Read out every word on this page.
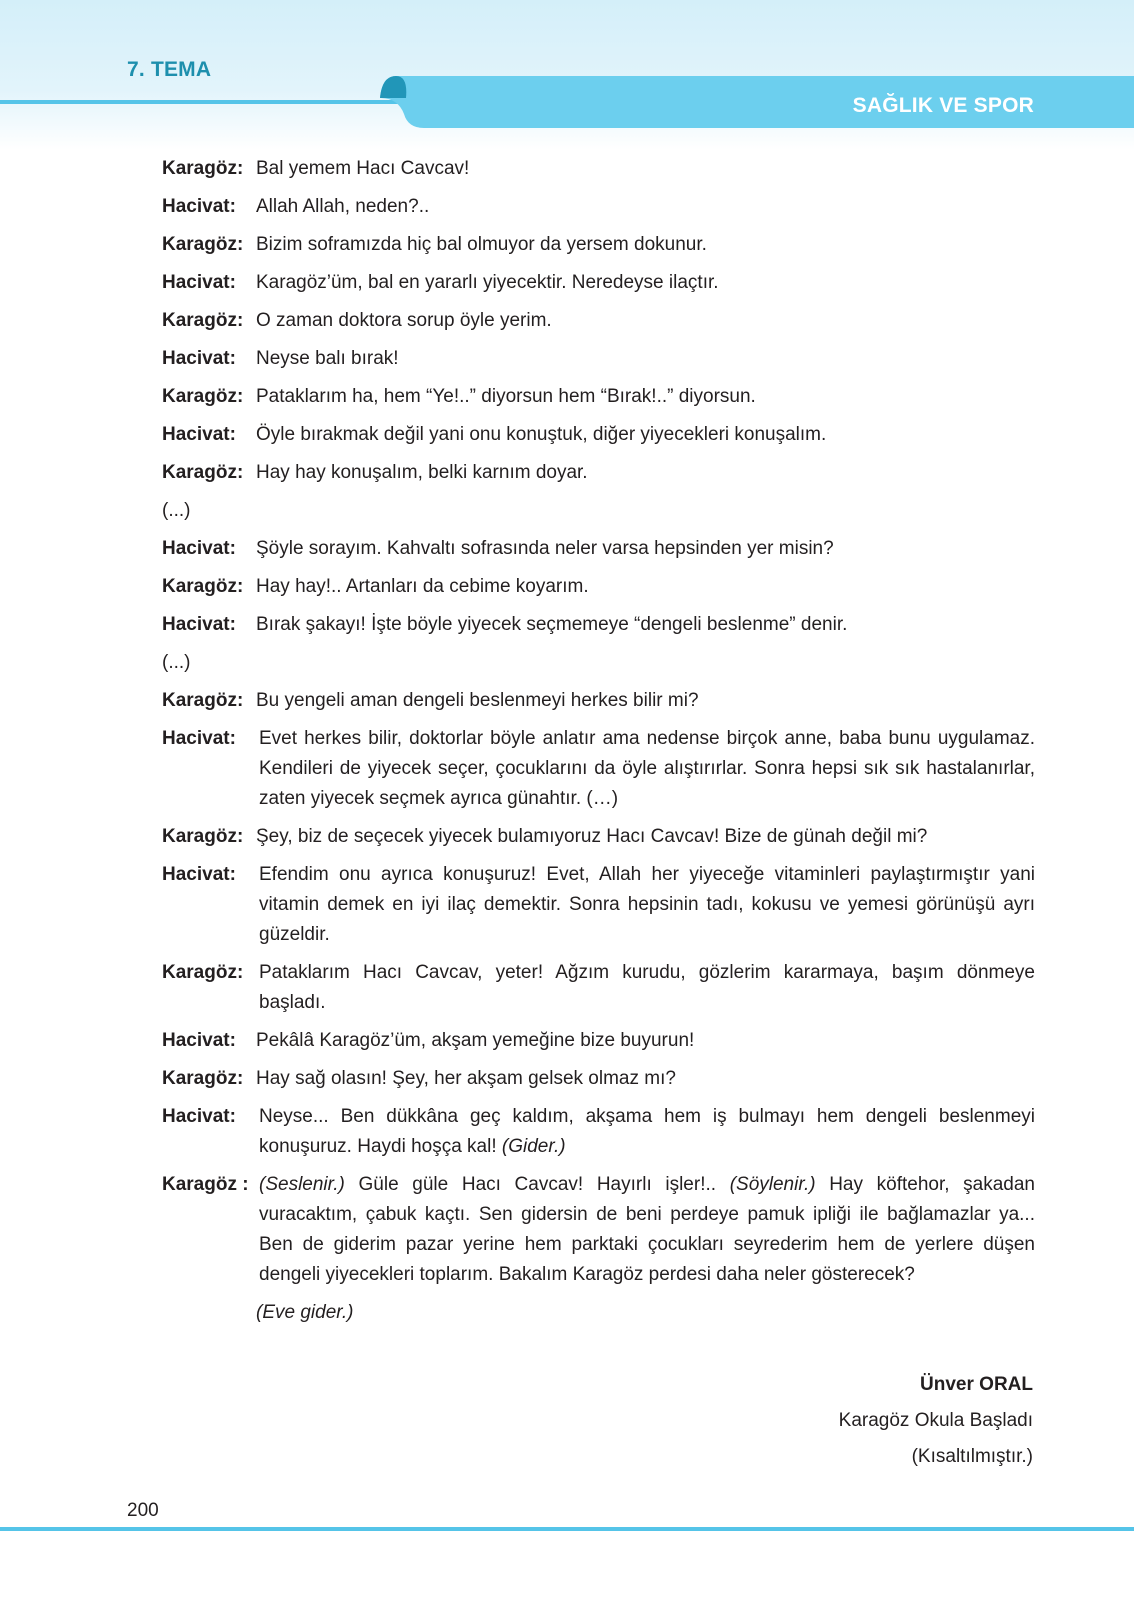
7. TEMA
SAĞLIK VE SPOR
Karagöz: Bal yemem Hacı Cavcav!
Hacivat:	Allah Allah, neden?..
Karagöz: Bizim soframızda hiç bal olmuyor da yersem dokunur.
Hacivat:	Karagöz’üm, bal en yararlı yiyecektir. Neredeyse ilaçtır.
Karagöz: O zaman doktora sorup öyle yerim.
Hacivat:	Neyse balı bırak!
Karagöz: Pataklarım ha, hem “Ye!..” diyorsun hem “Bırak!..” diyorsun.
Hacivat:	Öyle bırakmak değil yani onu konuştuk, diğer yiyecekleri konuşalım.
Karagöz: Hay hay konuşalım, belki karnım doyar.
(...)
Hacivat:	Şöyle sorayım. Kahvaltı sofrasında neler varsa hepsinden yer misin?
Karagöz: Hay hay!.. Artanları da cebime koyarım.
Hacivat:	Bırak şakayı! İşte böyle yiyecek seçmemeye “dengeli beslenme” denir.
(...)
Karagöz: Bu yengeli aman dengeli beslenmeyi herkes bilir mi?
Hacivat:	Evet herkes bilir, doktorlar böyle anlatır ama nedense birçok anne, baba bunu uygulamaz. Kendileri de yiyecek seçer, çocuklarını da öyle alıştırırlar. Sonra hepsi sık sık hastalanırlar, zaten yiyecek seçmek ayrıca günahtır. (…)
Karagöz: Şey, biz de seçecek yiyecek bulamıyoruz Hacı Cavcav! Bize de günah değil mi?
Hacivat:	Efendim onu ayrıca konuşuruz! Evet, Allah her yiyeceğe vitaminleri paylaştırmıştır yani vitamin demek en iyi ilaç demektir. Sonra hepsinin tadı, kokusu ve yemesi görünüşü ayrı güzeldir.
Karagöz: Pataklarım Hacı Cavcav, yeter! Ağzım kurudu, gözlerim kararmaya, başım dönmeye başladı.
Hacivat:	Pekâlâ Karagöz’üm, akşam yemeğine bize buyurun!
Karagöz: Hay sağ olasın! Şey, her akşam gelsek olmaz mı?
Hacivat:	Neyse... Ben dükkâna geç kaldım, akşama hem iş bulmayı hem dengeli beslenmeyi konuşuruz. Haydi hoşça kal! (Gider.)
Karagöz : (Seslenir.) Güle güle Hacı Cavcav! Hayırlı işler!.. (Söylenir.) Hay köftehor, şakadan vuracaktım, çabuk kaçtı. Sen gidersin de beni perdeye pamuk ipliği ile bağlamazlar ya... Ben de giderim pazar yerine hem parktaki çocukları seyrederim hem de yerlere düşen dengeli yiyecekleri toplarım. Bakalım Karagöz perdesi daha neler gösterecek?
(Eve gider.)
Ünver ORAL
Karagöz Okula Başladı
(Kısaltılmıştır.)
200
